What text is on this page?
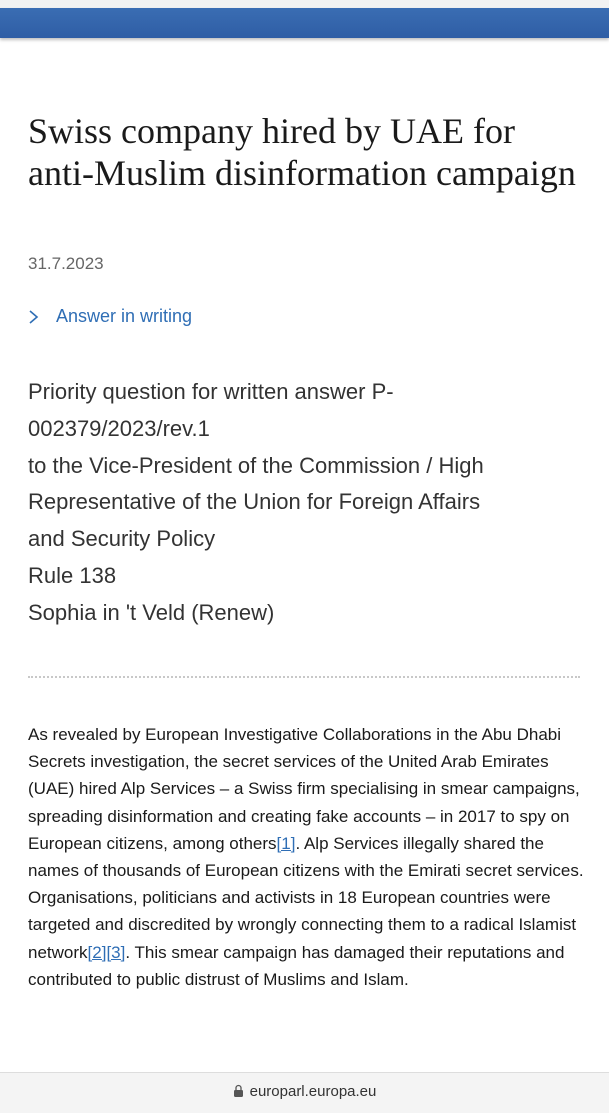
Swiss company hired by UAE for anti-Muslim disinformation campaign
31.7.2023
Answer in writing
Priority question for written answer P-
002379/2023/rev.1
to the Vice-President of the Commission / High
Representative of the Union for Foreign Affairs
and Security Policy
Rule 138
Sophia in 't Veld (Renew)

As revealed by European Investigative Collaborations in the Abu Dhabi Secrets investigation, the secret services of the United Arab Emirates (UAE) hired Alp Services – a Swiss firm specialising in smear campaigns, spreading disinformation and creating fake accounts – in 2017 to spy on European citizens, among others[1]. Alp Services illegally shared the names of thousands of European citizens with the Emirati secret services. Organisations, politicians and activists in 18 European countries were targeted and discredited by wrongly connecting them to a radical Islamist network[2][3]. This smear campaign has damaged their reputations and contributed to public distrust of Muslims and Islam.

europarl.europa.eu
